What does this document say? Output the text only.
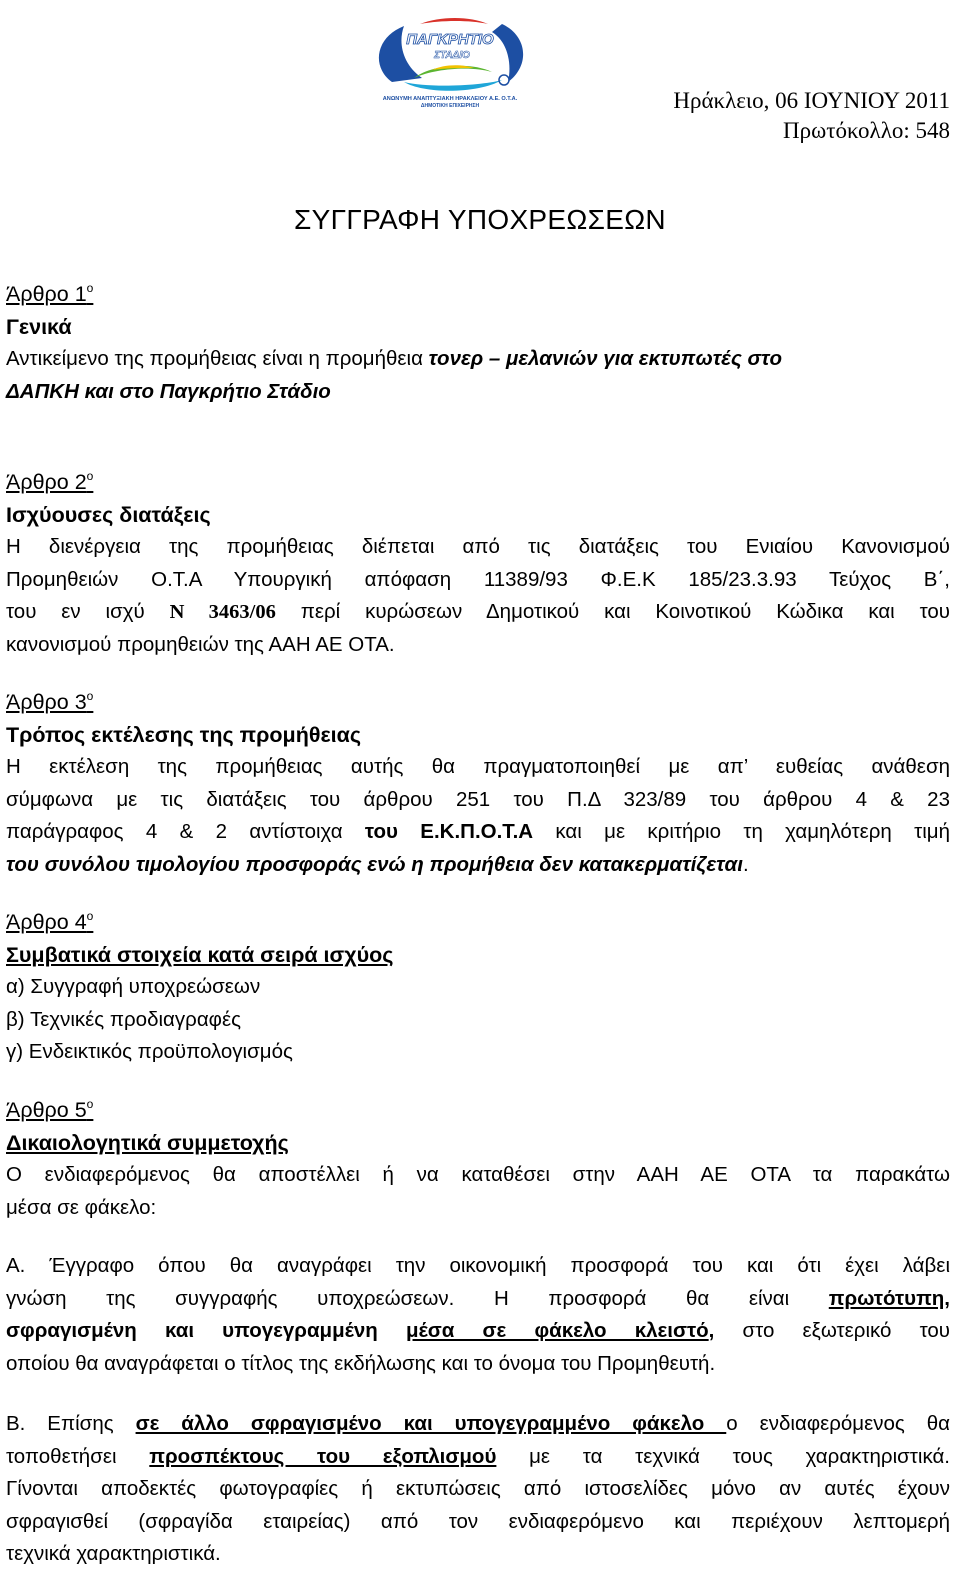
ΠΑΓΚΡΗΤΙΟ
ΣΤΑΔΙΟ
ΑΝΩΝΥΜΗ ΑΝΑΠΤΥΞΙΑΚΗ ΗΡΑΚΛΕΙΟΥ Α.Ε. Ο.Τ.Α.
ΔΗΜΟΤΙΚΗ ΕΠΙΧΕΙΡΗΣΗ	Ηράκλειο, 06 ΙΟΥΝΙΟΥ 2011
Πρωτόκολλο: 548
ΣΥΓΓΡΑΦΗ ΥΠΟΧΡΕΩΣΕΩΝ
Άρθρο $1^o$
Γενικά
Αντικείμενο της προμήθειας είναι η προμήθεια τονερ – μελανιών για εκτυπωτές στο
ΔΑΠΚΗ και στο Παγκρήτιο Στάδιο
Άρθρο $2^o$
Ισχύουσες διατάξεις
Η διενέργεια της προμήθειας διέπεται από τις διατάξεις του Ενιαίου Κανονισμού
Προμηθειών Ο.Τ.Α Υπουργική απόφαση 11389/93 Φ.Ε.Κ 185/23.3.93 Τεύχος Β΄,
του εν ισχύ Ν 3463/06 περί κυρώσεων Δημοτικού και Κοινοτικού Κώδικα και του
κανονισμού προμηθειών της ΑΑΗ ΑΕ ΟΤΑ.
Άρθρο $3^o$
Τρόπος εκτέλεσης της προμήθειας
Η εκτέλεση της προμήθειας αυτής θα πραγματοποιηθεί με απ’ ευθείας ανάθεση
σύμφωνα με τις διατάξεις του άρθρου 251 του Π.Δ 323/89 του άρθρου 4 & 23
παράγραφος 4 & 2 αντίστοιχα του Ε.Κ.Π.Ο.Τ.Α και με κριτήριο τη χαμηλότερη τιμή
του συνόλου τιμολογίου προσφοράς ενώ η προμήθεια δεν κατακερματίζεται.
Άρθρο $4^o$
Συμβατικά στοιχεία κατά σειρά ισχύος
α) Συγγραφή υποχρεώσεων
β) Τεχνικές προδιαγραφές
γ) Ενδεικτικός προϋπολογισμός
Άρθρο $5^o$
Δικαιολογητικά συμμετοχής
Ο ενδιαφερόμενος θα αποστέλλει ή να καταθέσει στην ΑΑΗ ΑΕ ΟΤΑ τα παρακάτω
μέσα σε φάκελο:
Α. Έγγραφο όπου θα αναγράφει την οικονομική προσφορά του και ότι έχει λάβει
γνώση της συγγραφής υποχρεώσεων. Η προσφορά θα είναι πρωτότυπη,
σφραγισμένη και υπογεγραμμένη μέσα σε φάκελο κλειστό, στο εξωτερικό του
οποίου θα αναγράφεται ο τίτλος της εκδήλωσης και το όνομα του Προμηθευτή.
Β. Επίσης σε άλλο σφραγισμένο και υπογεγραμμένο φάκελο ο ενδιαφερόμενος θα
τοποθετήσει προσπέκτους του εξοπλισμού με τα τεχνικά τους χαρακτηριστικά.
Γίνονται αποδεκτές φωτογραφίες ή εκτυπώσεις από ιστοσελίδες μόνο αν αυτές έχουν
σφραγισθεί (σφραγίδα εταιρείας) από τον ενδιαφερόμενο και περιέχουν λεπτομερή
τεχνικά χαρακτηριστικά.
